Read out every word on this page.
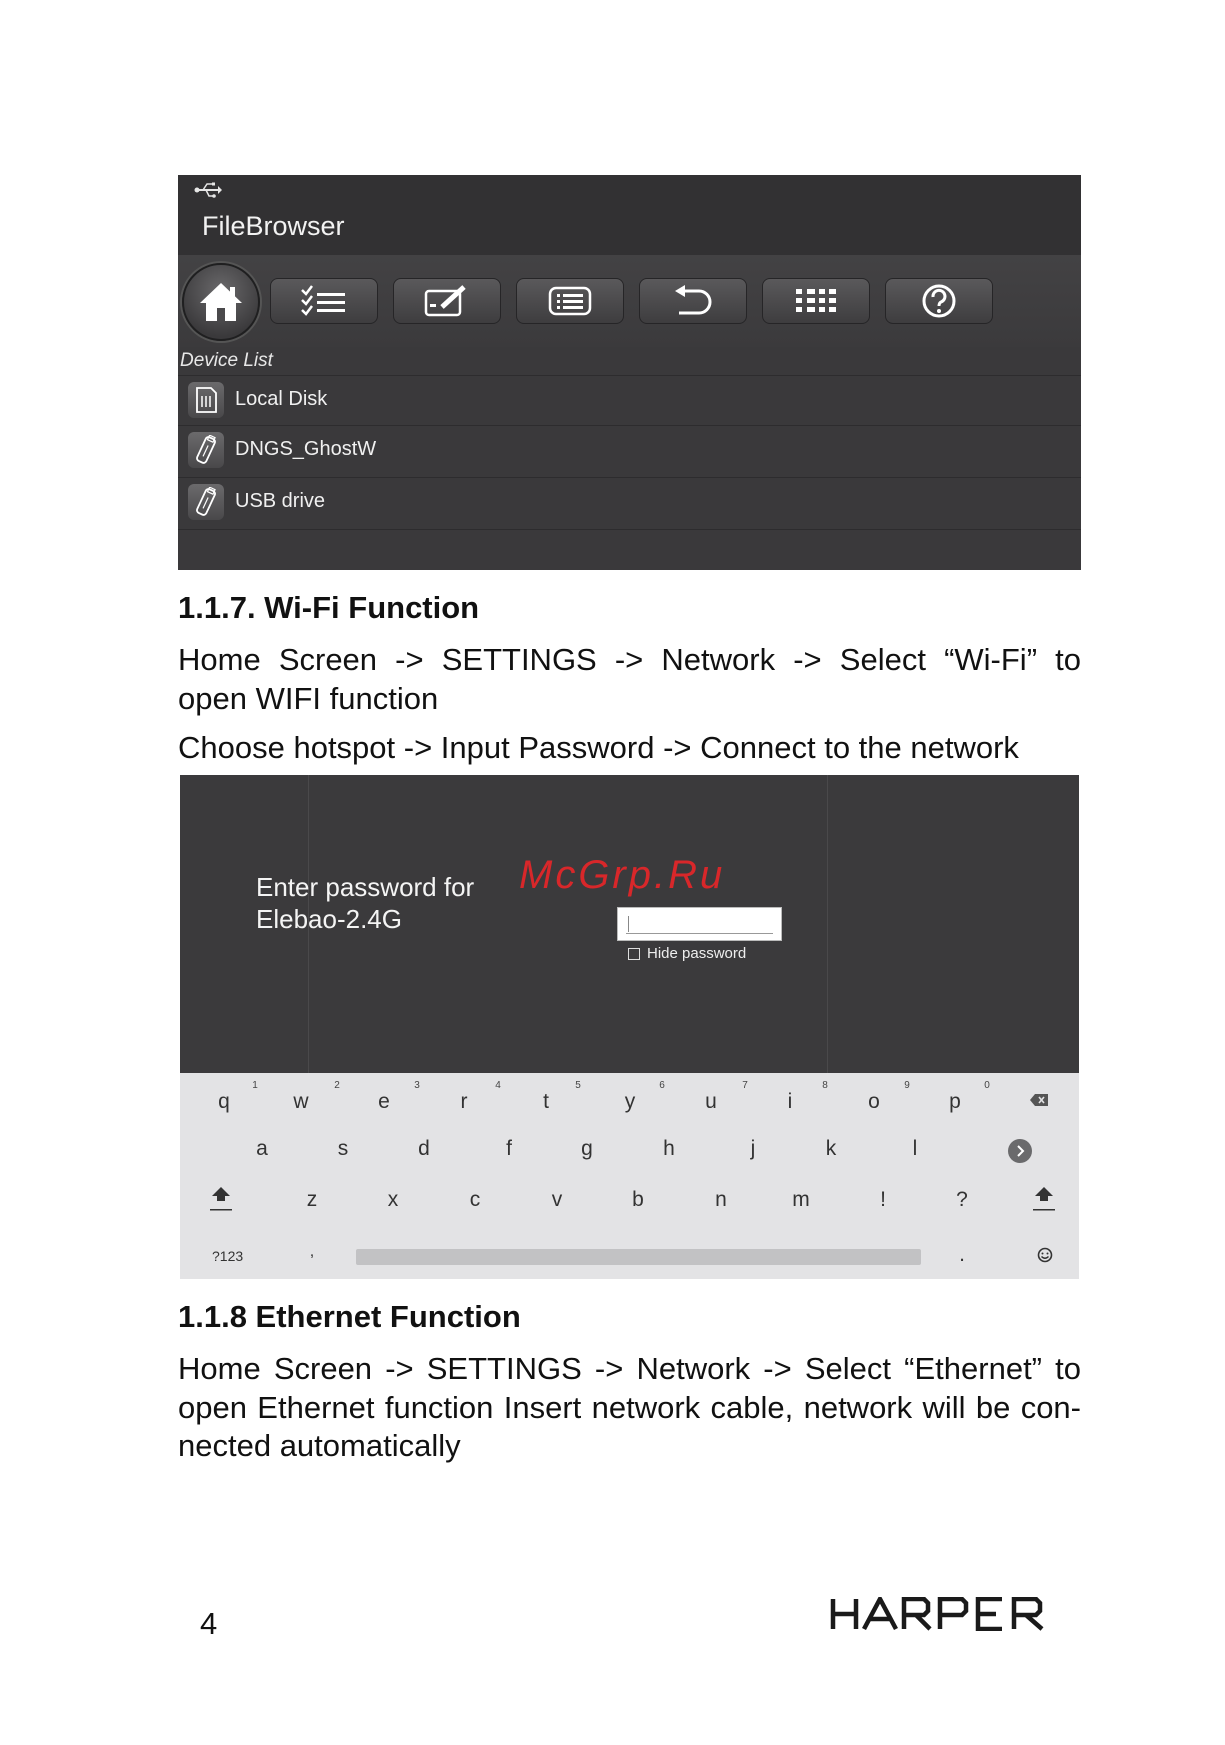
FileBrowser
Device List
Local Disk
DNGS_GhostW
USB drive
1.1.7. Wi-Fi Function
Home Screen -> SETTINGS -> Network -> Select “Wi-Fi” to
open WIFI function
Choose hotspot -> Input Password -> Connect to the network
Enter password for
Elebao-2.4G
McGrp.Ru
Hide password
1	2	3	4	5	6	7	8	9	0
q	w	e	r	t	y	u	i	o	p
a	s	d	f	g	h	j	k	l
z	x	c	v	b	n	m	!	?
?123	,	.
1.1.8 Ethernet Function
Home Screen -> SETTINGS -> Network -> Select “Ethernet” to
open Ethernet function Insert network cable, network will be con-
nected automatically
4
